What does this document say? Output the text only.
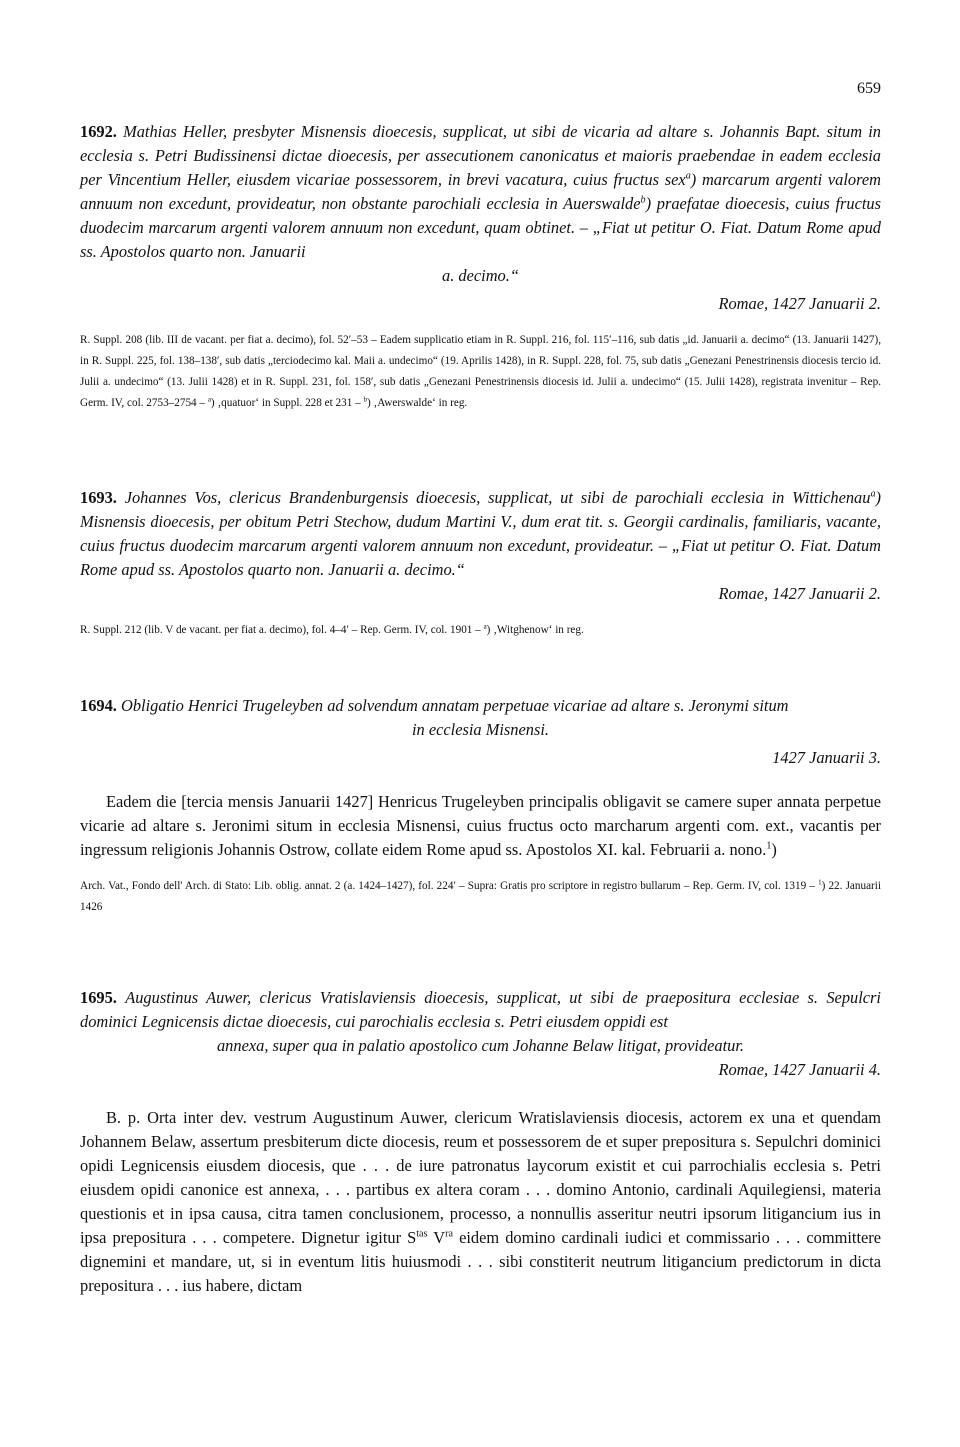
659

1692. Mathias Heller, presbyter Misnensis dioecesis, supplicat, ut sibi de vicaria ad altare s. Johannis Bapt. situm in ecclesia s. Petri Budissinensi dictae dioecesis, per assecutionem canonicatus et maioris praebendae in eadem ecclesia per Vincentium Heller, eiusdem vicariae possessorem, in brevi vacatura, cuius fructus sex$^a$) marcarum argenti valorem annuum non excedunt, provideatur, non obstante parochiali ecclesia in Auerswalde$^b$) praefatae dioecesis, cuius fructus duodecim marcarum argenti valorem annuum non excedunt, quam obtinet. – „Fiat ut petitur O. Fiat. Datum Rome apud ss. Apostolos quarto non. Januarii

a. decimo.“

Romae, 1427 Januarii 2.

R. Suppl. 208 (lib. III de vacant. per fiat a. decimo), fol. 52′–53 – Eadem supplicatio etiam in R. Suppl. 216, fol. 115′–116, sub datis „id. Januarii a. decimo“ (13. Januarii 1427), in R. Suppl. 225, fol. 138–138′, sub datis „terciodecimo kal. Maii a. undecimo“ (19. Aprilis 1428), in R. Suppl. 228, fol. 75, sub datis „Genezani Penestrinensis diocesis tercio id. Julii a. undecimo“ (13. Julii 1428) et in R. Suppl. 231, fol. 158′, sub datis „Genezani Penestrinensis diocesis id. Julii a. undecimo“ (15. Julii 1428), registrata invenitur – Rep. Germ. IV, col. 2753–2754 – $^a$) ‚quatuor‘ in Suppl. 228 et 231 – $^b$) ‚Awerswalde‘ in reg.

1693. Johannes Vos, clericus Brandenburgensis dioecesis, supplicat, ut sibi de parochiali ecclesia in Wittichenau$^a$) Misnensis dioecesis, per obitum Petri Stechow, dudum Martini V., dum erat tit. s. Georgii cardinalis, familiaris, vacante, cuius fructus duodecim marcarum argenti valorem annuum non excedunt, provideatur. – „Fiat ut petitur O. Fiat. Datum Rome apud ss. Apostolos quarto non. Januarii a. decimo.“

Romae, 1427 Januarii 2.

R. Suppl. 212 (lib. V de vacant. per fiat a. decimo), fol. 4–4′ – Rep. Germ. IV, col. 1901 – $^a$) ‚Witghenow‘ in reg.

1694. Obligatio Henrici Trugeleyben ad solvendum annatam perpetuae vicariae ad altare s. Jeronymi situm

in ecclesia Misnensi.

1427 Januarii 3.

Eadem die [tercia mensis Januarii 1427] Henricus Trugeleyben principalis obligavit se camere super annata perpetue vicarie ad altare s. Jeronimi situm in ecclesia Misnensi, cuius fructus octo marcharum argenti com. ext., vacantis per ingressum religionis Johannis Ostrow, collate eidem Rome apud ss. Apostolos XI. kal. Februarii a. nono.$^1$)

Arch. Vat., Fondo dell' Arch. di Stato: Lib. oblig. annat. 2 (a. 1424–1427), fol. 224′ – Supra: Gratis pro scriptore in registro bullarum – Rep. Germ. IV, col. 1319 – $^1$) 22. Januarii 1426

1695. Augustinus Auwer, clericus Vratislaviensis dioecesis, supplicat, ut sibi de praepositura ecclesiae s. Sepulcri dominici Legnicensis dictae dioecesis, cui parochialis ecclesia s. Petri eiusdem oppidi est

annexa, super qua in palatio apostolico cum Johanne Belaw litigat, provideatur.

Romae, 1427 Januarii 4.

B. p. Orta inter dev. vestrum Augustinum Auwer, clericum Wratislaviensis diocesis, actorem ex una et quendam Johannem Belaw, assertum presbiterum dicte diocesis, reum et possessorem de et super prepositura s. Sepulchri dominici opidi Legnicensis eiusdem diocesis, que . . . de iure patronatus laycorum existit et cui parrochialis ecclesia s. Petri eiusdem opidi canonice est annexa, . . . partibus ex altera coram . . . domino Antonio, cardinali Aquilegiensi, materia questionis et in ipsa causa, citra tamen conclusionem, processo, a nonnullis asseritur neutri ipsorum litigancium ius in ipsa prepositura . . . competere. Dignetur igitur $S^{tas}$ $V^{ra}$ eidem domino cardinali iudici et commissario . . . committere dignemini et mandare, ut, si in eventum litis huiusmodi . . . sibi constiterit neutrum litigancium predictorum in dicta prepositura . . . ius habere, dictam
